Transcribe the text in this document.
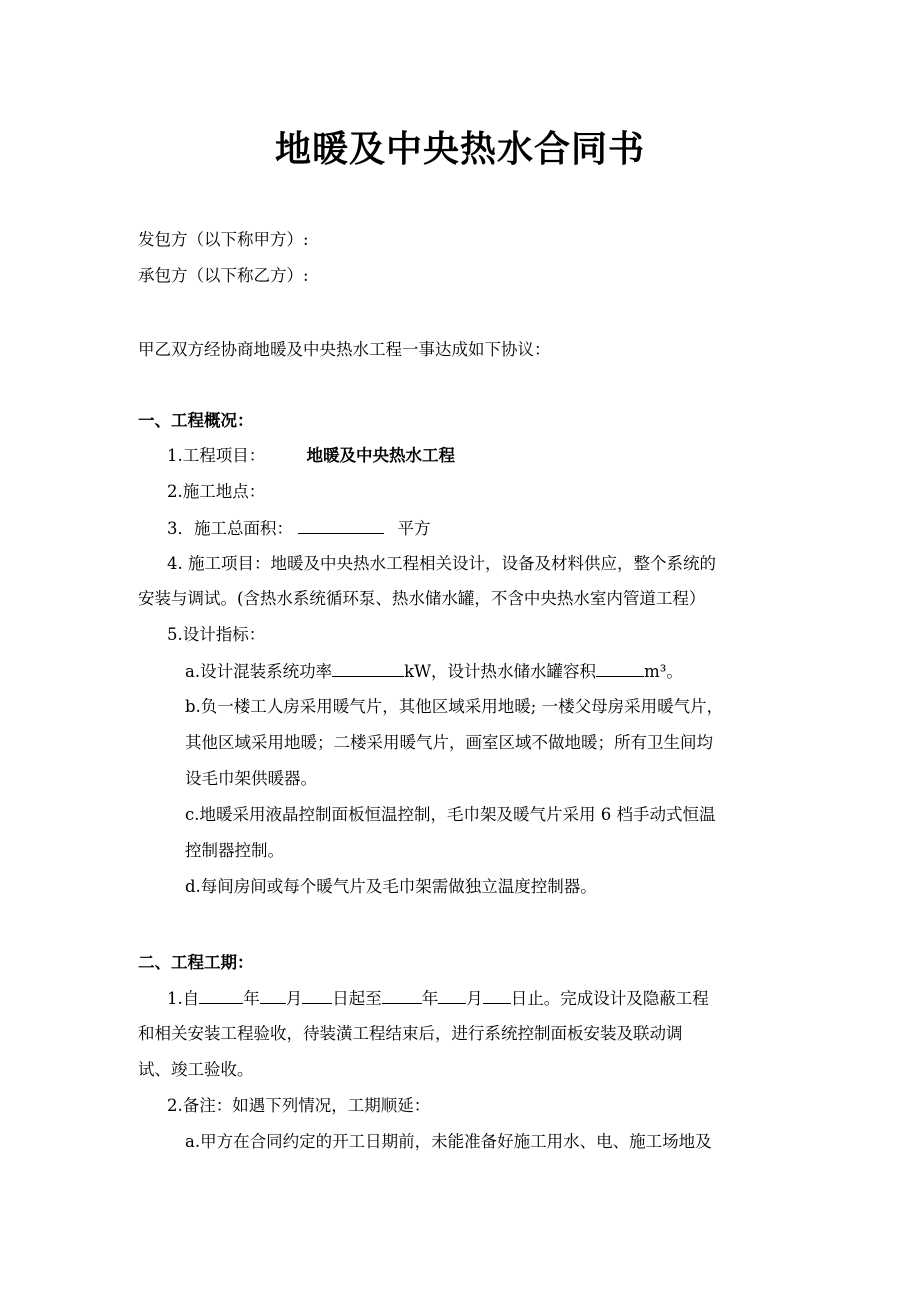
地暖及中央热水合同书
发包方（以下称甲方）:
承包方（以下称乙方）:
甲乙双方经协商地暖及中央热水工程一事达成如下协议：
一、工程概况：
1.工程项目：	地暖及中央热水工程
2.施工地点：
3．施工总面积：	平方
4. 施工项目：地暖及中央热水工程相关设计，设备及材料供应，整个系统的
安装与调试。(含热水系统循环泵、热水储水罐，不含中央热水室内管道工程）
5.设计指标：
a.设计混装系统功率	kW，设计热水储水罐容积	m³。
b.负一楼工人房采用暖气片，其他区域采用地暖; 一楼父母房采用暖气片，
其他区域采用地暖；二楼采用暖气片，画室区域不做地暖；所有卫生间均
设毛巾架供暖器。
c.地暖采用液晶控制面板恒温控制，毛巾架及暖气片采用 6 档手动式恒温
控制器控制。
d.每间房间或每个暖气片及毛巾架需做独立温度控制器。
二、工程工期：
1.自	年 月 日起至 年 月 日止。完成设计及隐蔽工程
和相关安装工程验收，待装潢工程结束后，进行系统控制面板安装及联动调
试、竣工验收。
2.备注：如遇下列情况，工期顺延：
a.甲方在合同约定的开工日期前，未能准备好施工用水、电、施工场地及
